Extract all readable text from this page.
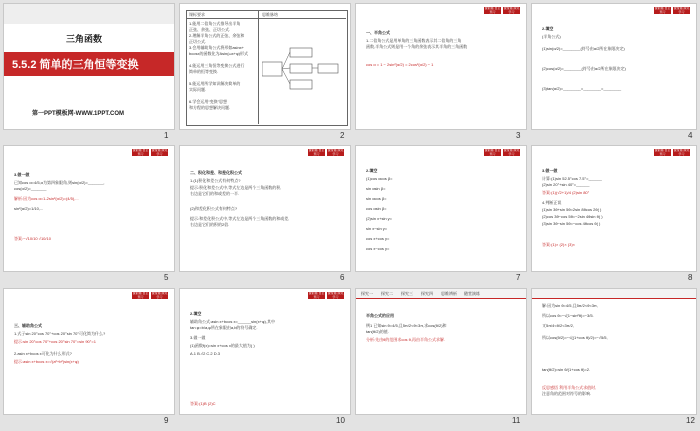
三角函数
5.5.2 简单的三角恒等变换
第一PPT模板网-WWW.1PPT.COM
1
课标要求	思维脉络
1.能用二倍角公式推导出半角
正弦、余弦、正切公式.
2.理解半角公式的正弦、余弦和
正切公式.
3.会用辅助角公式将形如asinx+
bcosx的函数化为Asin(ωx+φ)形式
4.能运用三角恒等变换公式进行
简单的恒等变换.
5.能运用所学知识解决简单的
实际问题.
6.学会运用“变换”思想
和方程的思想解决问题.
2
课前篇 自主预习
课堂篇 探究学习
一、半角公式
1.二倍角公式是用单角的三角函数表示其二倍角的三角
函数,半角公式则是用一个角的余弦表示其半角的三角函数
cos α = 1 − 2sin²(α/2) = 2cos²(α/2) − 1
3
课前篇 自主预习
课堂篇 探究学习
2.填空
(半角公式)
(1)sin(α/2)=________(符号由α/2所在象限决定)
(2)cos(α/2)=________(符号由α/2所在象限决定)
(3)tan(α/2)=________=________=________
4
课前篇 自主预习
课堂篇 探究学习
3.做一做
已知cos α=4/5,α为第四象限角,则sin(α/2)=_______,
cos(α/2)=_______
解析:因为cos α=1-2sin²(α/2)=(4/5),...
sin²(α/2)=1/10,...
答案:−√10/10 √10/10
5
课前篇 自主预习
课堂篇 探究学习
二、积化和差、和差化积公式
1.(1)积化和差公式有何特点?
提示:积化和差公式中,等式左边是两个三角函数的积,
右边是它们的和或差的一半.
(2)和差化积公式有何特点?
提示:和差化积公式中,等式左边是两个三角函数的和或差,
右边是它们的积的2倍.
6
课前篇 自主预习
课堂篇 探究学习
2.填空
(1)cos αcos β=
sin αsin β=
sin αcos β=
cos αsin β=
(2)sin x+sin y=
sin x−sin y=
cos x+cos y=
cos x−cos y=
7
课前篇 自主预习
课堂篇 探究学习
3.做一做
计算:(1)sin 52.5°cos 7.5°=______
(2)sin 20°+sin 40°=______
答案:(1)(√2+1)/4 (2)sin 80°
4.判断正误
(1)sin 3θ+sin 5θ=2sin 8θcos 2θ( )
(2)cos 3θ−cos 5θ=−2sin 4θsin θ( )
(3)sin 3θ−sin 5θ=−cos 4θcos θ( )
答案:(1)× (2)× (3)×
8
课前篇 自主预习
课堂篇 探究学习
三、辅助角公式
1.式子sin 20°cos 70°+cos 20°sin 70°可化简为什么?
提示:sin 20°cos 70°+cos 20°sin 70°=sin 90°=1
2.asin x+bcos x可化为什么形式?
提示:asin x+bcos x=√(a²+b²)sin(x+φ)
9
课前篇 自主预习
课堂篇 探究学习
2.填空
辅助角公式:asin x+bcos x=______sin(x+φ),其中
tan φ=b/a,φ所在象限由a,b的符号确定.
3.做一做
(1)函数f(x)=sin x+cos x的最大值为( )
A.1 B.√2 C.2 D.3
答案:(1)B (2)C
10
探究一 探究二 探究三 探究四 思维辨析 随堂演练
半角公式的应用
例1 已知sin θ=4/5,且5π/2<θ<3π,求cos(θ/2)和
tan(θ/2)的值.
分析:先由θ的范围求cos θ,再由半角公式求解.
11
解:因为sin θ=4/5,且5π/2<θ<3π,
所以cos θ=−√(1−sin²θ)=−3/5.
又5π/4<θ/2<3π/2,
所以cos(θ/2)=−√((1+cos θ)/2)=−√5/5,
tan(θ/2)=sin θ/(1+cos θ)=2.
反思感悟 利用半角公式求值时,
注意角的范围对符号的影响.
12
